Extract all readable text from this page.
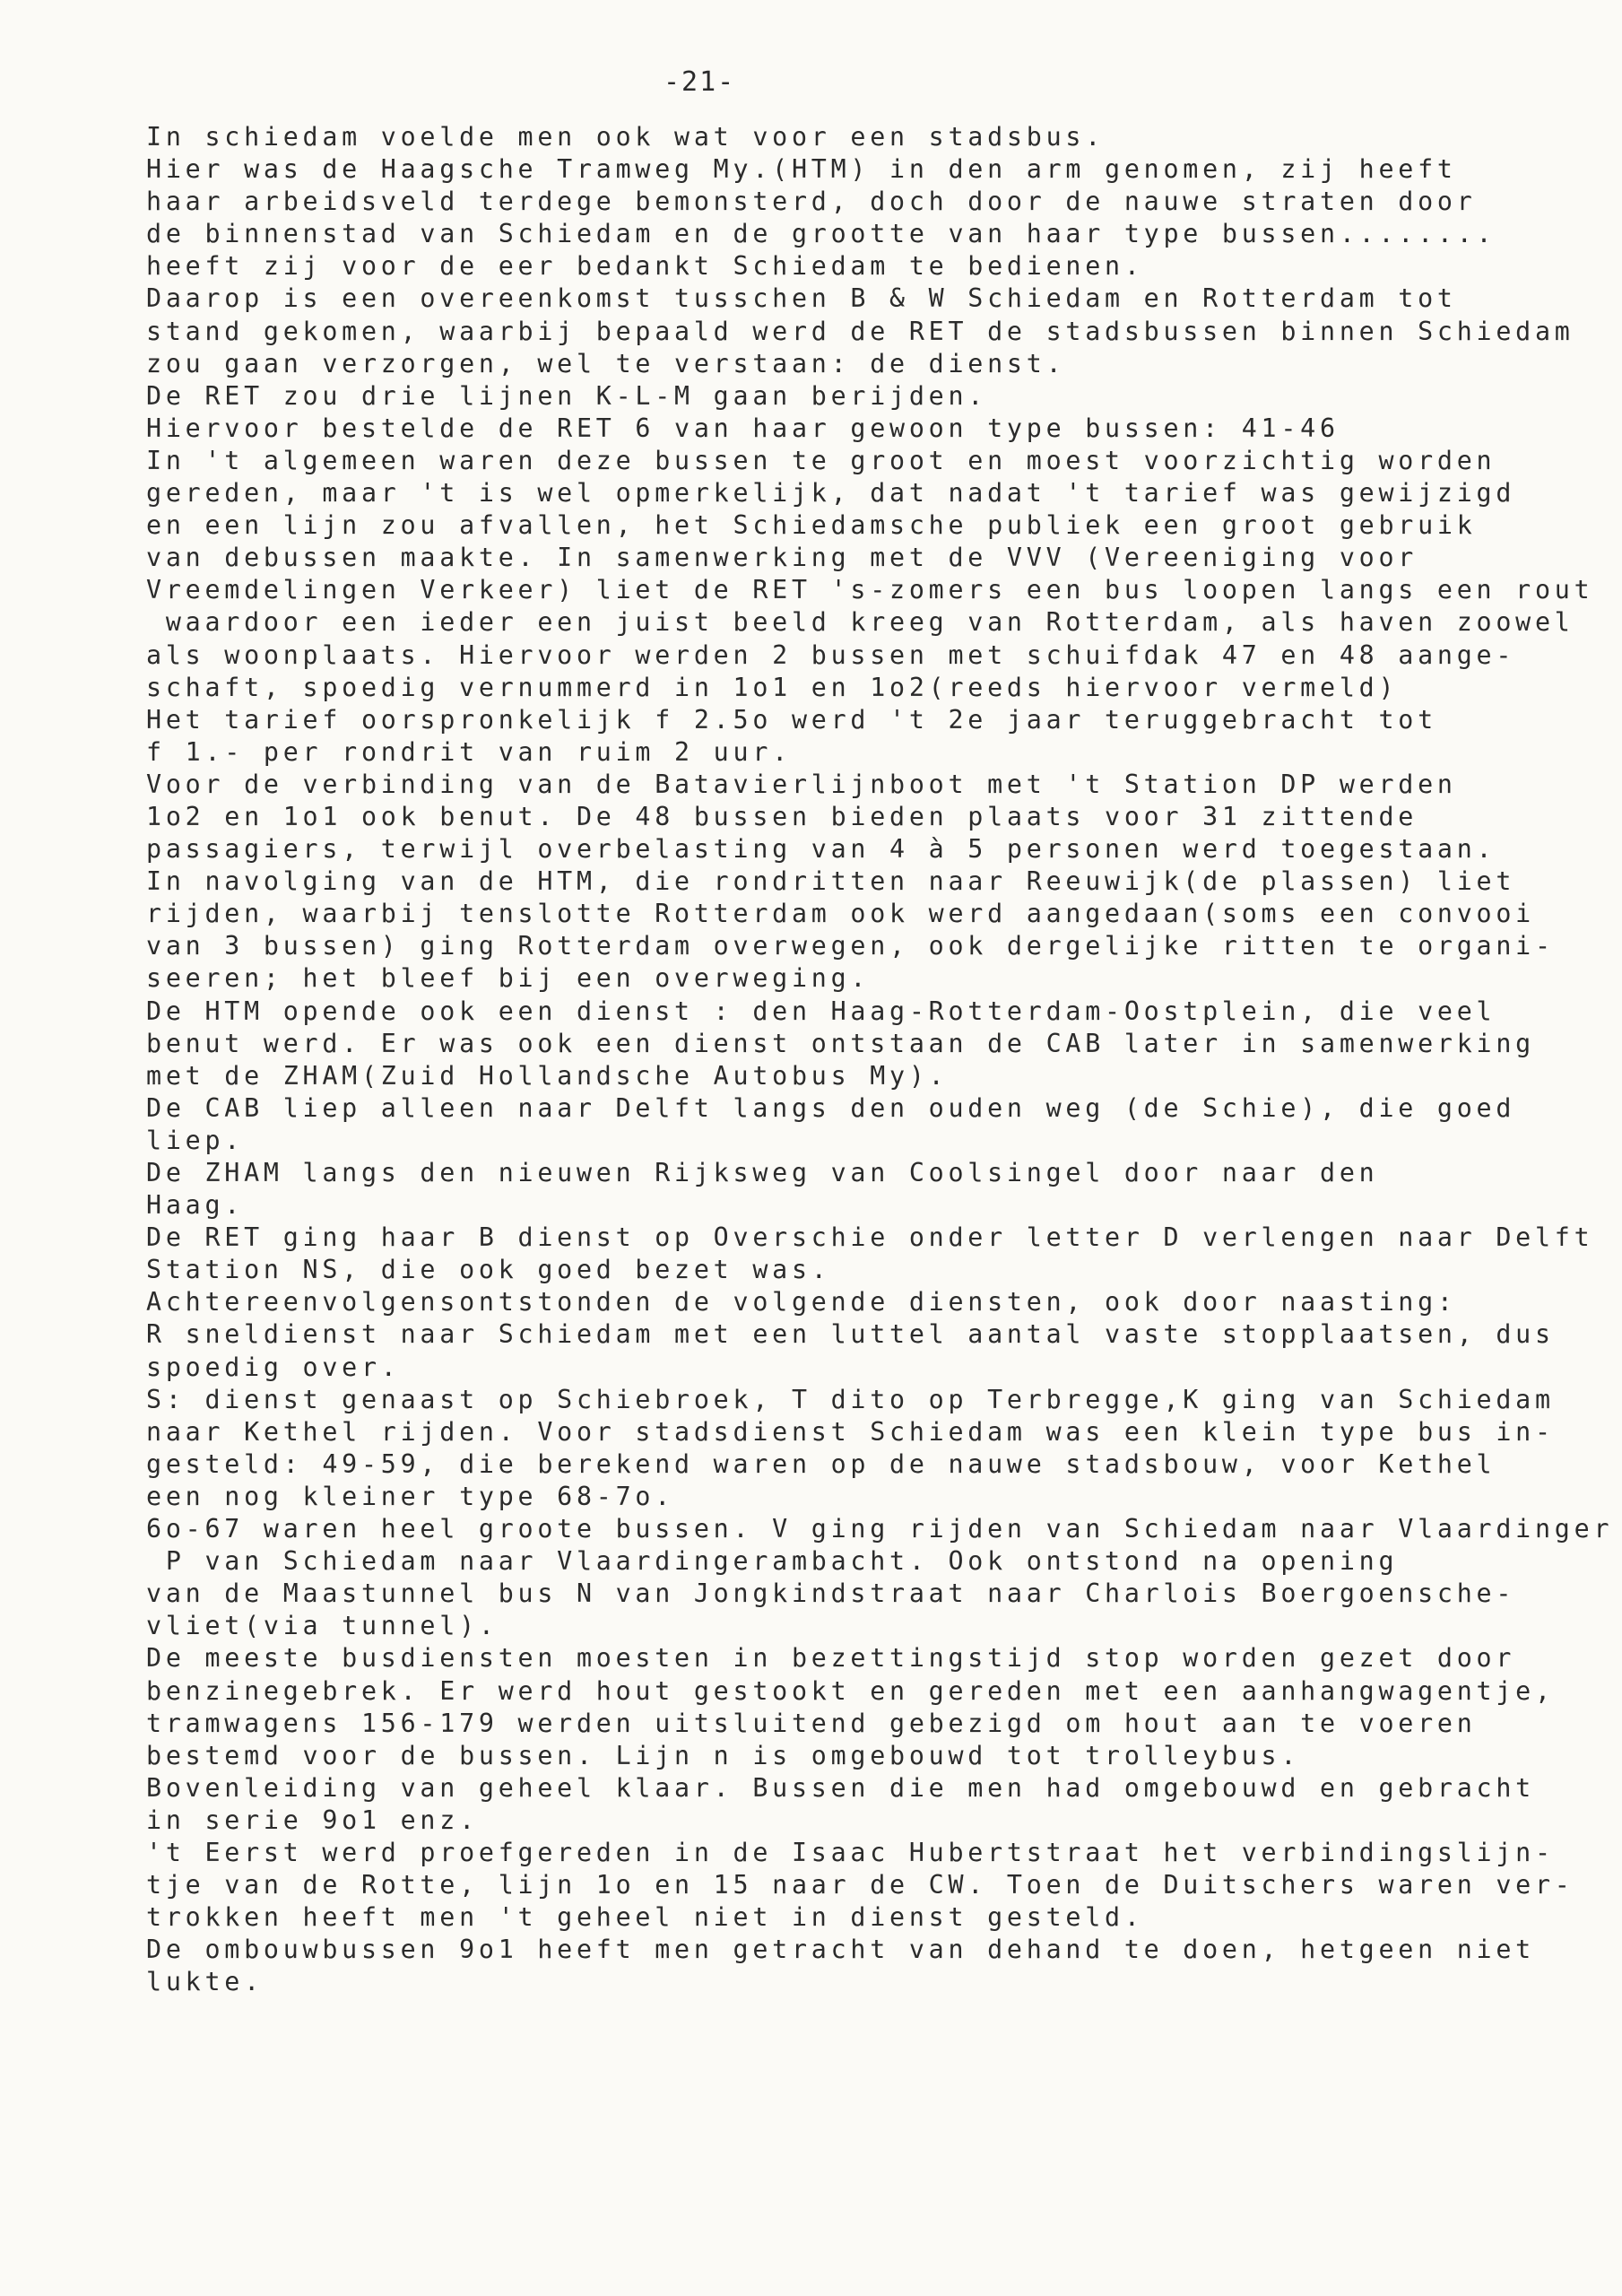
-21-
In schiedam voelde men ook wat voor een stadsbus.
Hier was de Haagsche Tramweg My.(HTM) in den arm genomen, zij heeft
haar arbeidsveld terdege bemonsterd, doch door de nauwe straten door
de binnenstad van Schiedam en de grootte van haar type bussen........
heeft zij voor de eer bedankt Schiedam te bedienen.
Daarop is een overeenkomst tusschen B & W Schiedam en Rotterdam tot
stand gekomen, waarbij bepaald werd de RET de stadsbussen binnen Schiedam
zou gaan verzorgen, wel te verstaan: de dienst.
De RET zou drie lijnen K-L-M gaan berijden.
Hiervoor bestelde de RET 6 van haar gewoon type bussen: 41-46
In 't algemeen waren deze bussen te groot en moest voorzichtig worden
gereden, maar 't is wel opmerkelijk, dat nadat 't tarief was gewijzigd
en een lijn zou afvallen, het Schiedamsche publiek een groot gebruik
van debussen maakte. In samenwerking met de VVV (Vereeniging voor
Vreemdelingen Verkeer) liet de RET 's-zomers een bus loopen langs een rout
waardoor een ieder een juist beeld kreeg van Rotterdam, als haven zoowel
als woonplaats. Hiervoor werden 2 bussen met schuifdak 47 en 48 aange-
schaft, spoedig vernummerd in 1o1 en 1o2(reeds hiervoor vermeld)
Het tarief oorspronkelijk f 2.5o werd 't 2e jaar teruggebracht tot
f 1.- per rondrit van ruim 2 uur.
Voor de verbinding van de Batavierlijnboot met 't Station DP werden
1o2 en 1o1 ook benut. De 48 bussen bieden plaats voor 31 zittende
passagiers, terwijl overbelasting van 4 à 5 personen werd toegestaan.
In navolging van de HTM, die rondritten naar Reeuwijk(de plassen) liet
rijden, waarbij tenslotte Rotterdam ook werd aangedaan(soms een convooi
van 3 bussen) ging Rotterdam overwegen, ook dergelijke ritten te organi-
seeren; het bleef bij een overweging.
De HTM opende ook een dienst : den Haag-Rotterdam-Oostplein, die veel
benut werd. Er was ook een dienst ontstaan de CAB later in samenwerking
met de ZHAM(Zuid Hollandsche Autobus My).
De CAB liep alleen naar Delft langs den ouden weg (de Schie), die goed
liep.
De ZHAM langs den nieuwen Rijksweg van Coolsingel door naar den
Haag.
De RET ging haar B dienst op Overschie onder letter D verlengen naar Delft
Station NS, die ook goed bezet was.
Achtereenvolgensontstonden de volgende diensten, ook door naasting:
R sneldienst naar Schiedam met een luttel aantal vaste stopplaatsen, dus
spoedig over.
S: dienst genaast op Schiebroek, T dito op Terbregge,K ging van Schiedam
naar Kethel rijden. Voor stadsdienst Schiedam was een klein type bus in-
gesteld: 49-59, die berekend waren op de nauwe stadsbouw, voor Kethel
een nog kleiner type 68-7o.
6o-67 waren heel groote bussen. V ging rijden van Schiedam naar Vlaardinger
P van Schiedam naar Vlaardingerambacht. Ook ontstond na opening
van de Maastunnel bus N van Jongkindstraat naar Charlois Boergoensche-
vliet(via tunnel).
De meeste busdiensten moesten in bezettingstijd stop worden gezet door
benzinegebrek. Er werd hout gestookt en gereden met een aanhangwagentje,
tramwagens 156-179 werden uitsluitend gebezigd om hout aan te voeren
bestemd voor de bussen. Lijn n is omgebouwd tot trolleybus.
Bovenleiding van geheel klaar. Bussen die men had omgebouwd en gebracht
in serie 9o1 enz.
't Eerst werd proefgereden in de Isaac Hubertstraat het verbindingslijn-
tje van de Rotte, lijn 1o en 15 naar de CW. Toen de Duitschers waren ver-
trokken heeft men 't geheel niet in dienst gesteld.
De ombouwbussen 9o1 heeft men getracht van dehand te doen, hetgeen niet
lukte.
